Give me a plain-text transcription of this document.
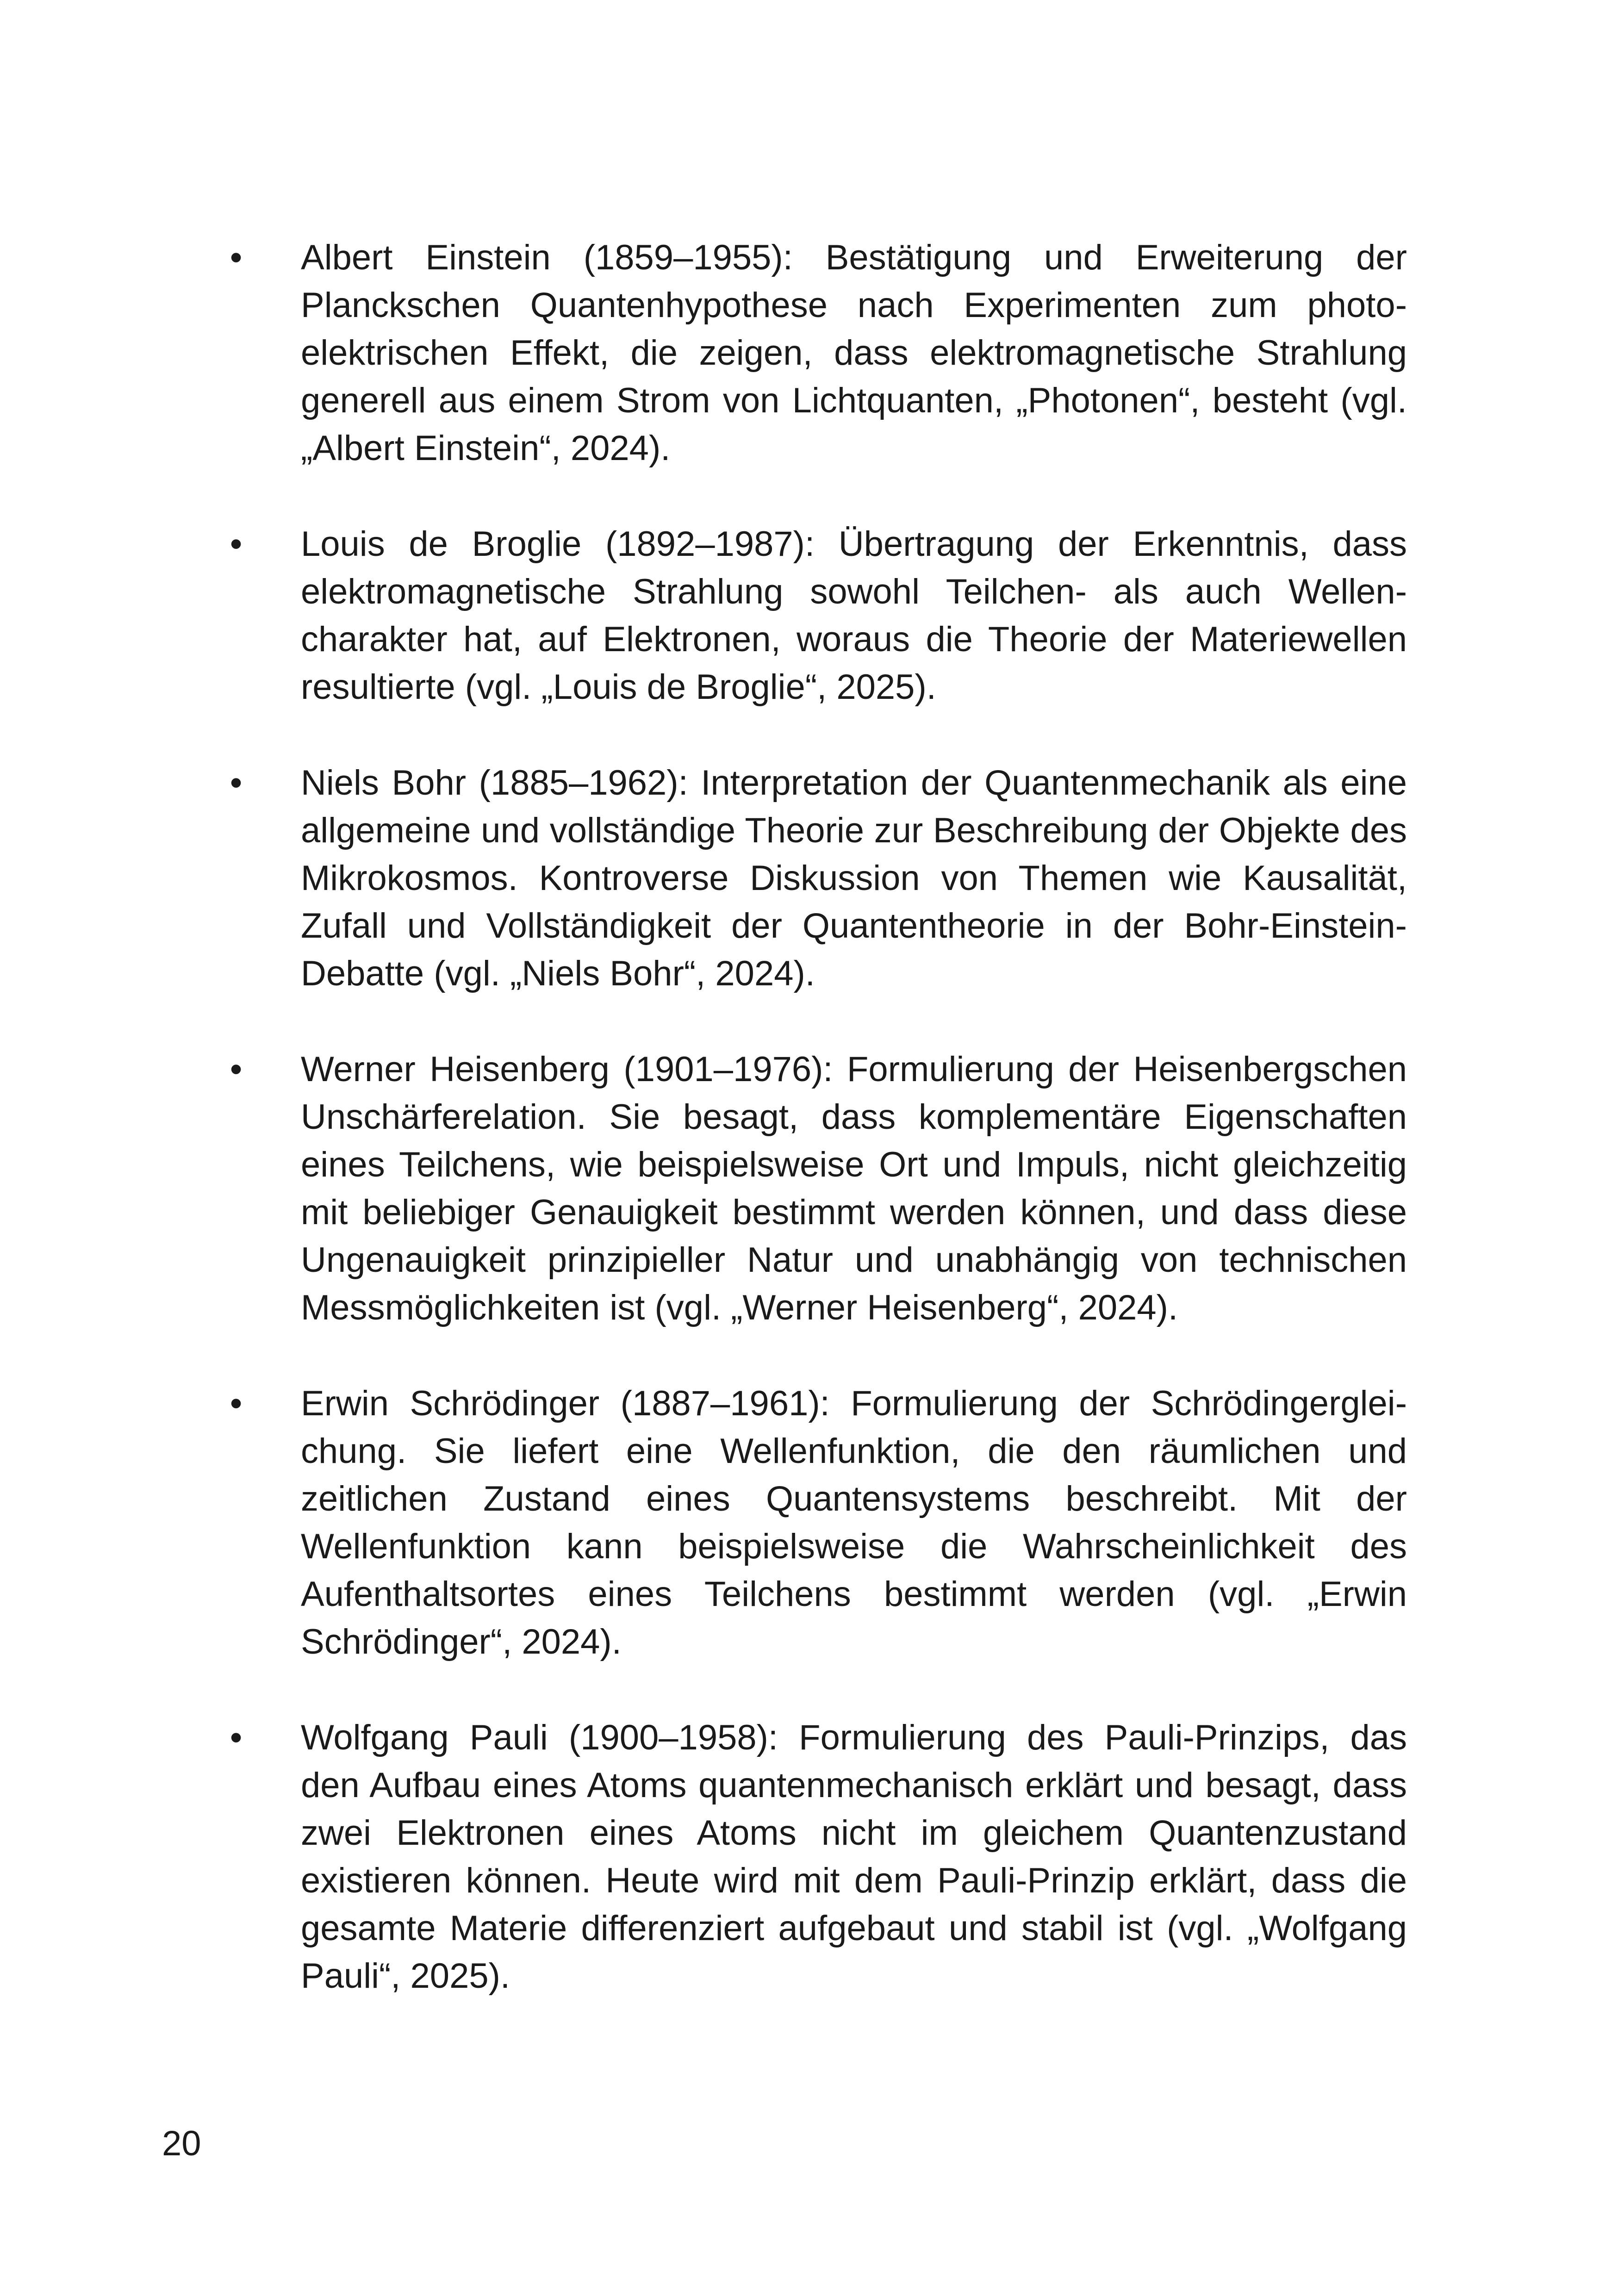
• Albert Einstein (1859–1955): Bestätigung und Erweiterung der Planckschen Quantenhypothese nach Experimenten zum photoelektrischen Effekt, die zeigen, dass elektromagnetische Strahlung generell aus einem Strom von Lichtquanten, „Photonen“, besteht (vgl. „Albert Einstein“, 2024).
• Louis de Broglie (1892–1987): Übertragung der Erkenntnis, dass elektromagnetische Strahlung sowohl Teilchen- als auch Wellencharakter hat, auf Elektronen, woraus die Theorie der Materiewellen resultierte (vgl. „Louis de Broglie“, 2025).
• Niels Bohr (1885–1962): Interpretation der Quantenmechanik als eine allgemeine und vollständige Theorie zur Beschreibung der Objekte des Mikrokosmos. Kontroverse Diskussion von Themen wie Kausalität, Zufall und Vollständigkeit der Quantentheorie in der Bohr-Einstein-Debatte (vgl. „Niels Bohr“, 2024).
• Werner Heisenberg (1901–1976): Formulierung der Heisenbergschen Unschärferelation. Sie besagt, dass komplementäre Eigenschaften eines Teilchens, wie beispielsweise Ort und Impuls, nicht gleichzeitig mit beliebiger Genauigkeit bestimmt werden können, und dass diese Ungenauigkeit prinzipieller Natur und unabhängig von technischen Messmöglichkeiten ist (vgl. „Werner Heisenberg“, 2024).
• Erwin Schrödinger (1887–1961): Formulierung der Schrödingergleichung. Sie liefert eine Wellenfunktion, die den räumlichen und zeitlichen Zustand eines Quantensystems beschreibt. Mit der Wellenfunktion kann beispielsweise die Wahrscheinlichkeit des Aufenthaltsortes eines Teilchens bestimmt werden (vgl. „Erwin Schrödinger“, 2024).
• Wolfgang Pauli (1900–1958): Formulierung des Pauli-Prinzips, das den Aufbau eines Atoms quantenmechanisch erklärt und besagt, dass zwei Elektronen eines Atoms nicht im gleichem Quantenzustand existieren können. Heute wird mit dem Pauli-Prinzip erklärt, dass die gesamte Materie differenziert aufgebaut und stabil ist (vgl. „Wolfgang Pauli“, 2025).
20
